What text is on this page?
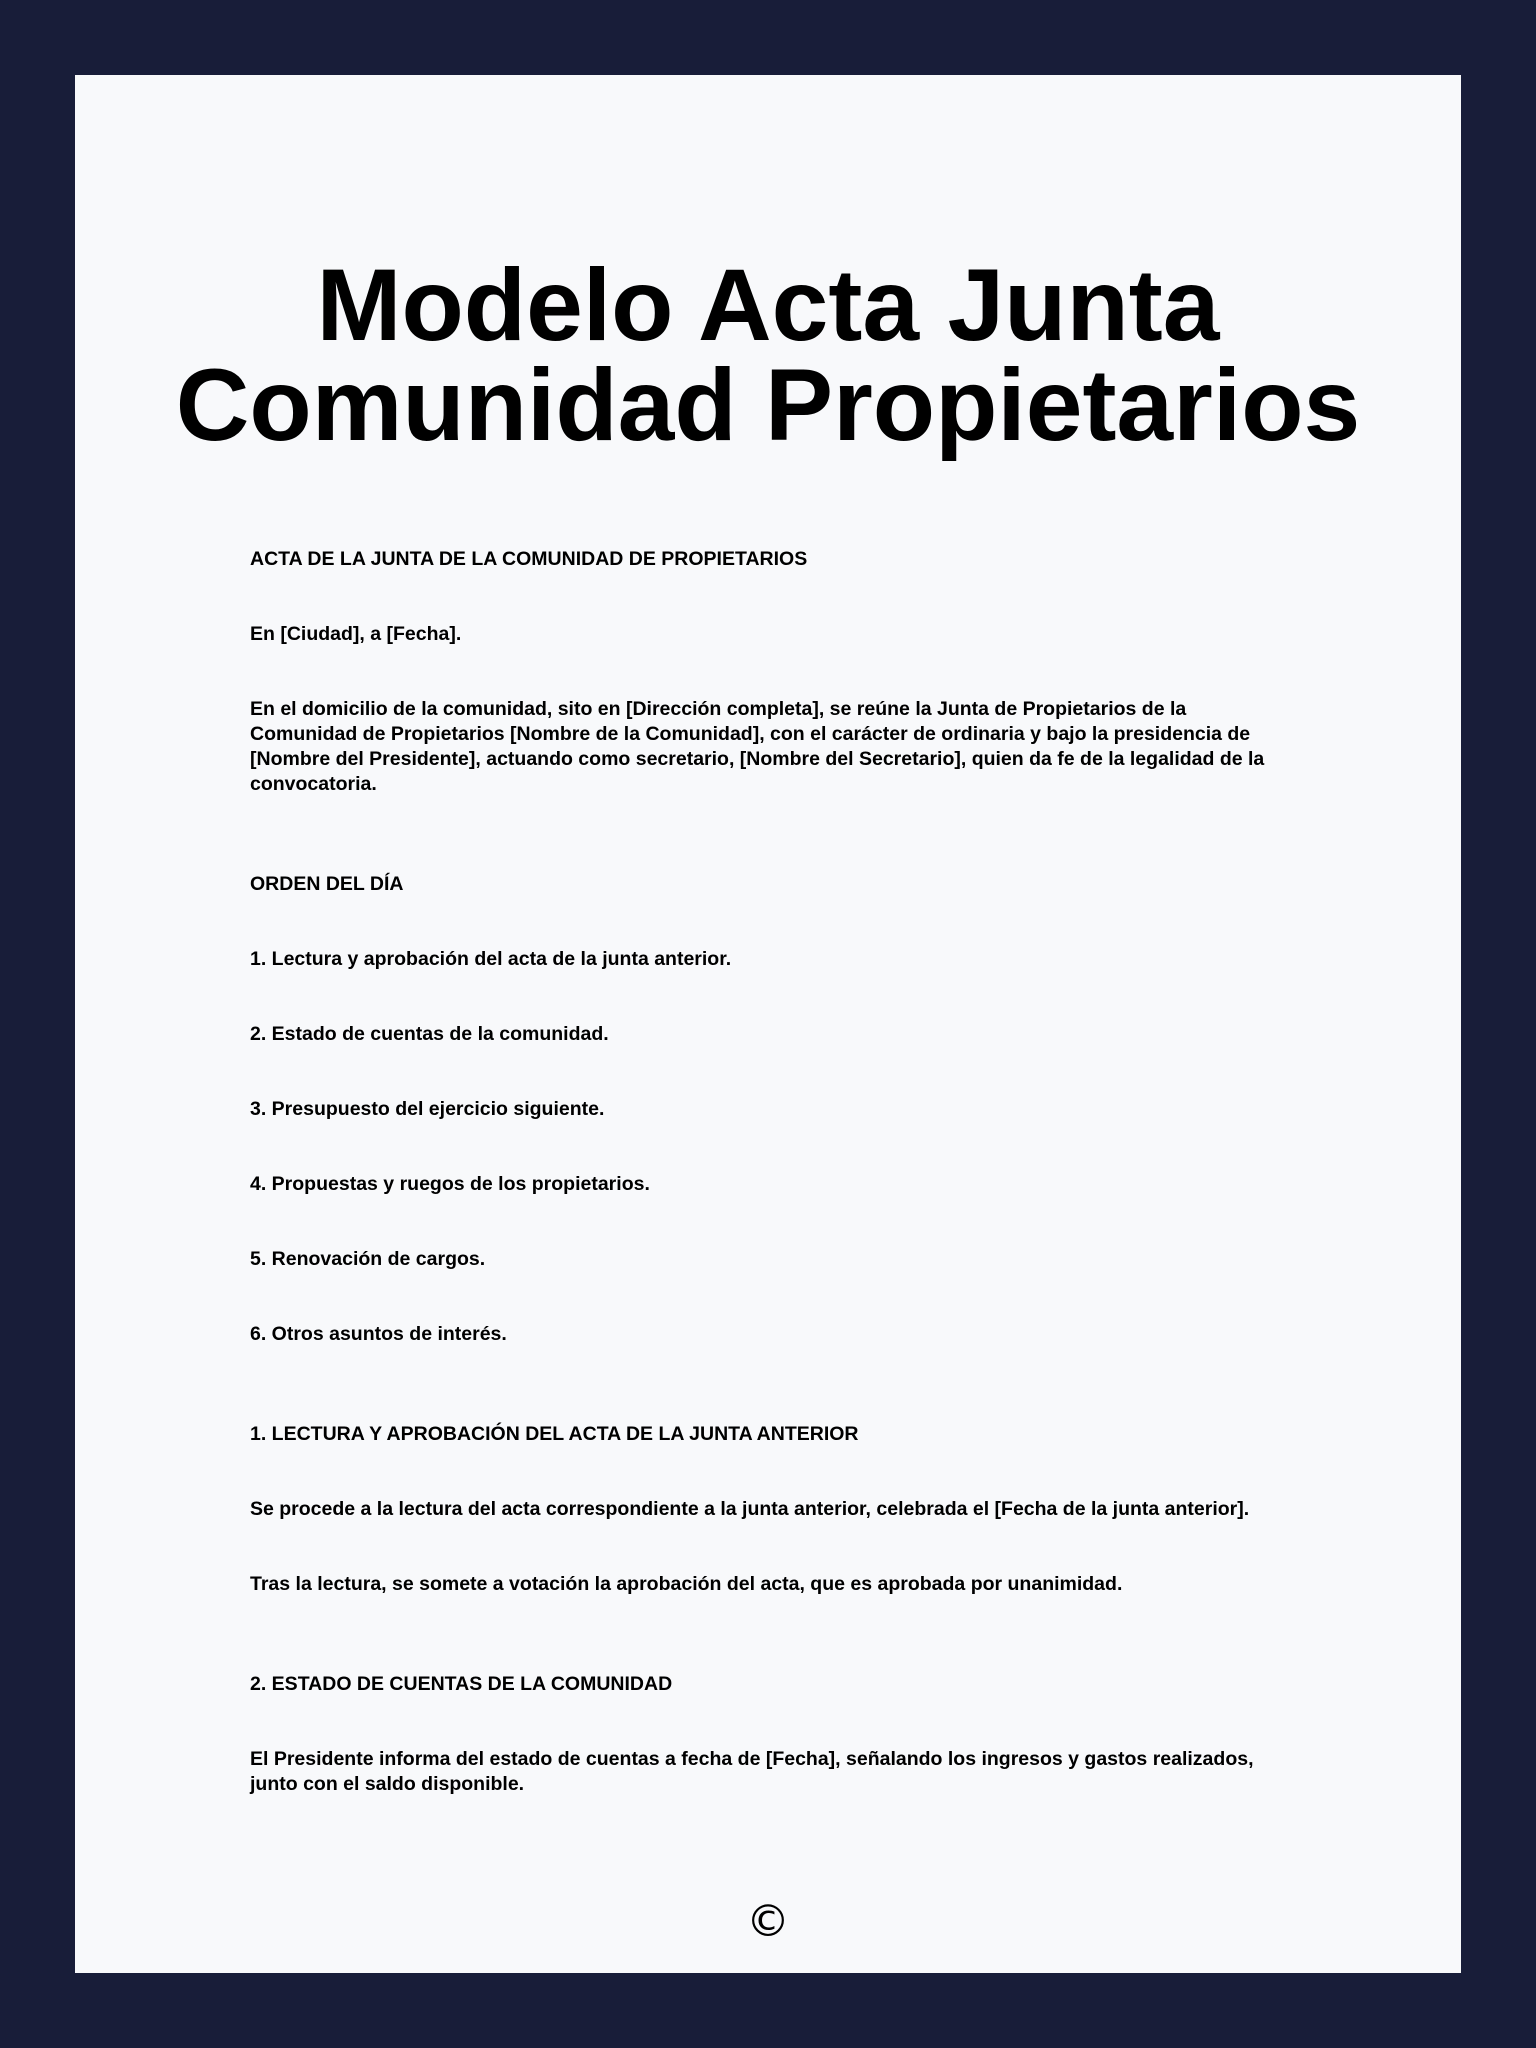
Modelo Acta Junta
Comunidad Propietarios

ACTA DE LA JUNTA DE LA COMUNIDAD DE PROPIETARIOS

En [Ciudad], a [Fecha].

En el domicilio de la comunidad, sito en [Dirección completa], se reúne la Junta de Propietarios de la Comunidad de Propietarios [Nombre de la Comunidad], con el carácter de ordinaria y bajo la presidencia de [Nombre del Presidente], actuando como secretario, [Nombre del Secretario], quien da fe de la legalidad de la convocatoria.

ORDEN DEL DÍA

1. Lectura y aprobación del acta de la junta anterior.

2. Estado de cuentas de la comunidad.

3. Presupuesto del ejercicio siguiente.

4. Propuestas y ruegos de los propietarios.

5. Renovación de cargos.

6. Otros asuntos de interés.

1. LECTURA Y APROBACIÓN DEL ACTA DE LA JUNTA ANTERIOR

Se procede a la lectura del acta correspondiente a la junta anterior, celebrada el [Fecha de la junta anterior].

Tras la lectura, se somete a votación la aprobación del acta, que es aprobada por unanimidad.

2. ESTADO DE CUENTAS DE LA COMUNIDAD

El Presidente informa del estado de cuentas a fecha de [Fecha], señalando los ingresos y gastos realizados, junto con el saldo disponible.

©
